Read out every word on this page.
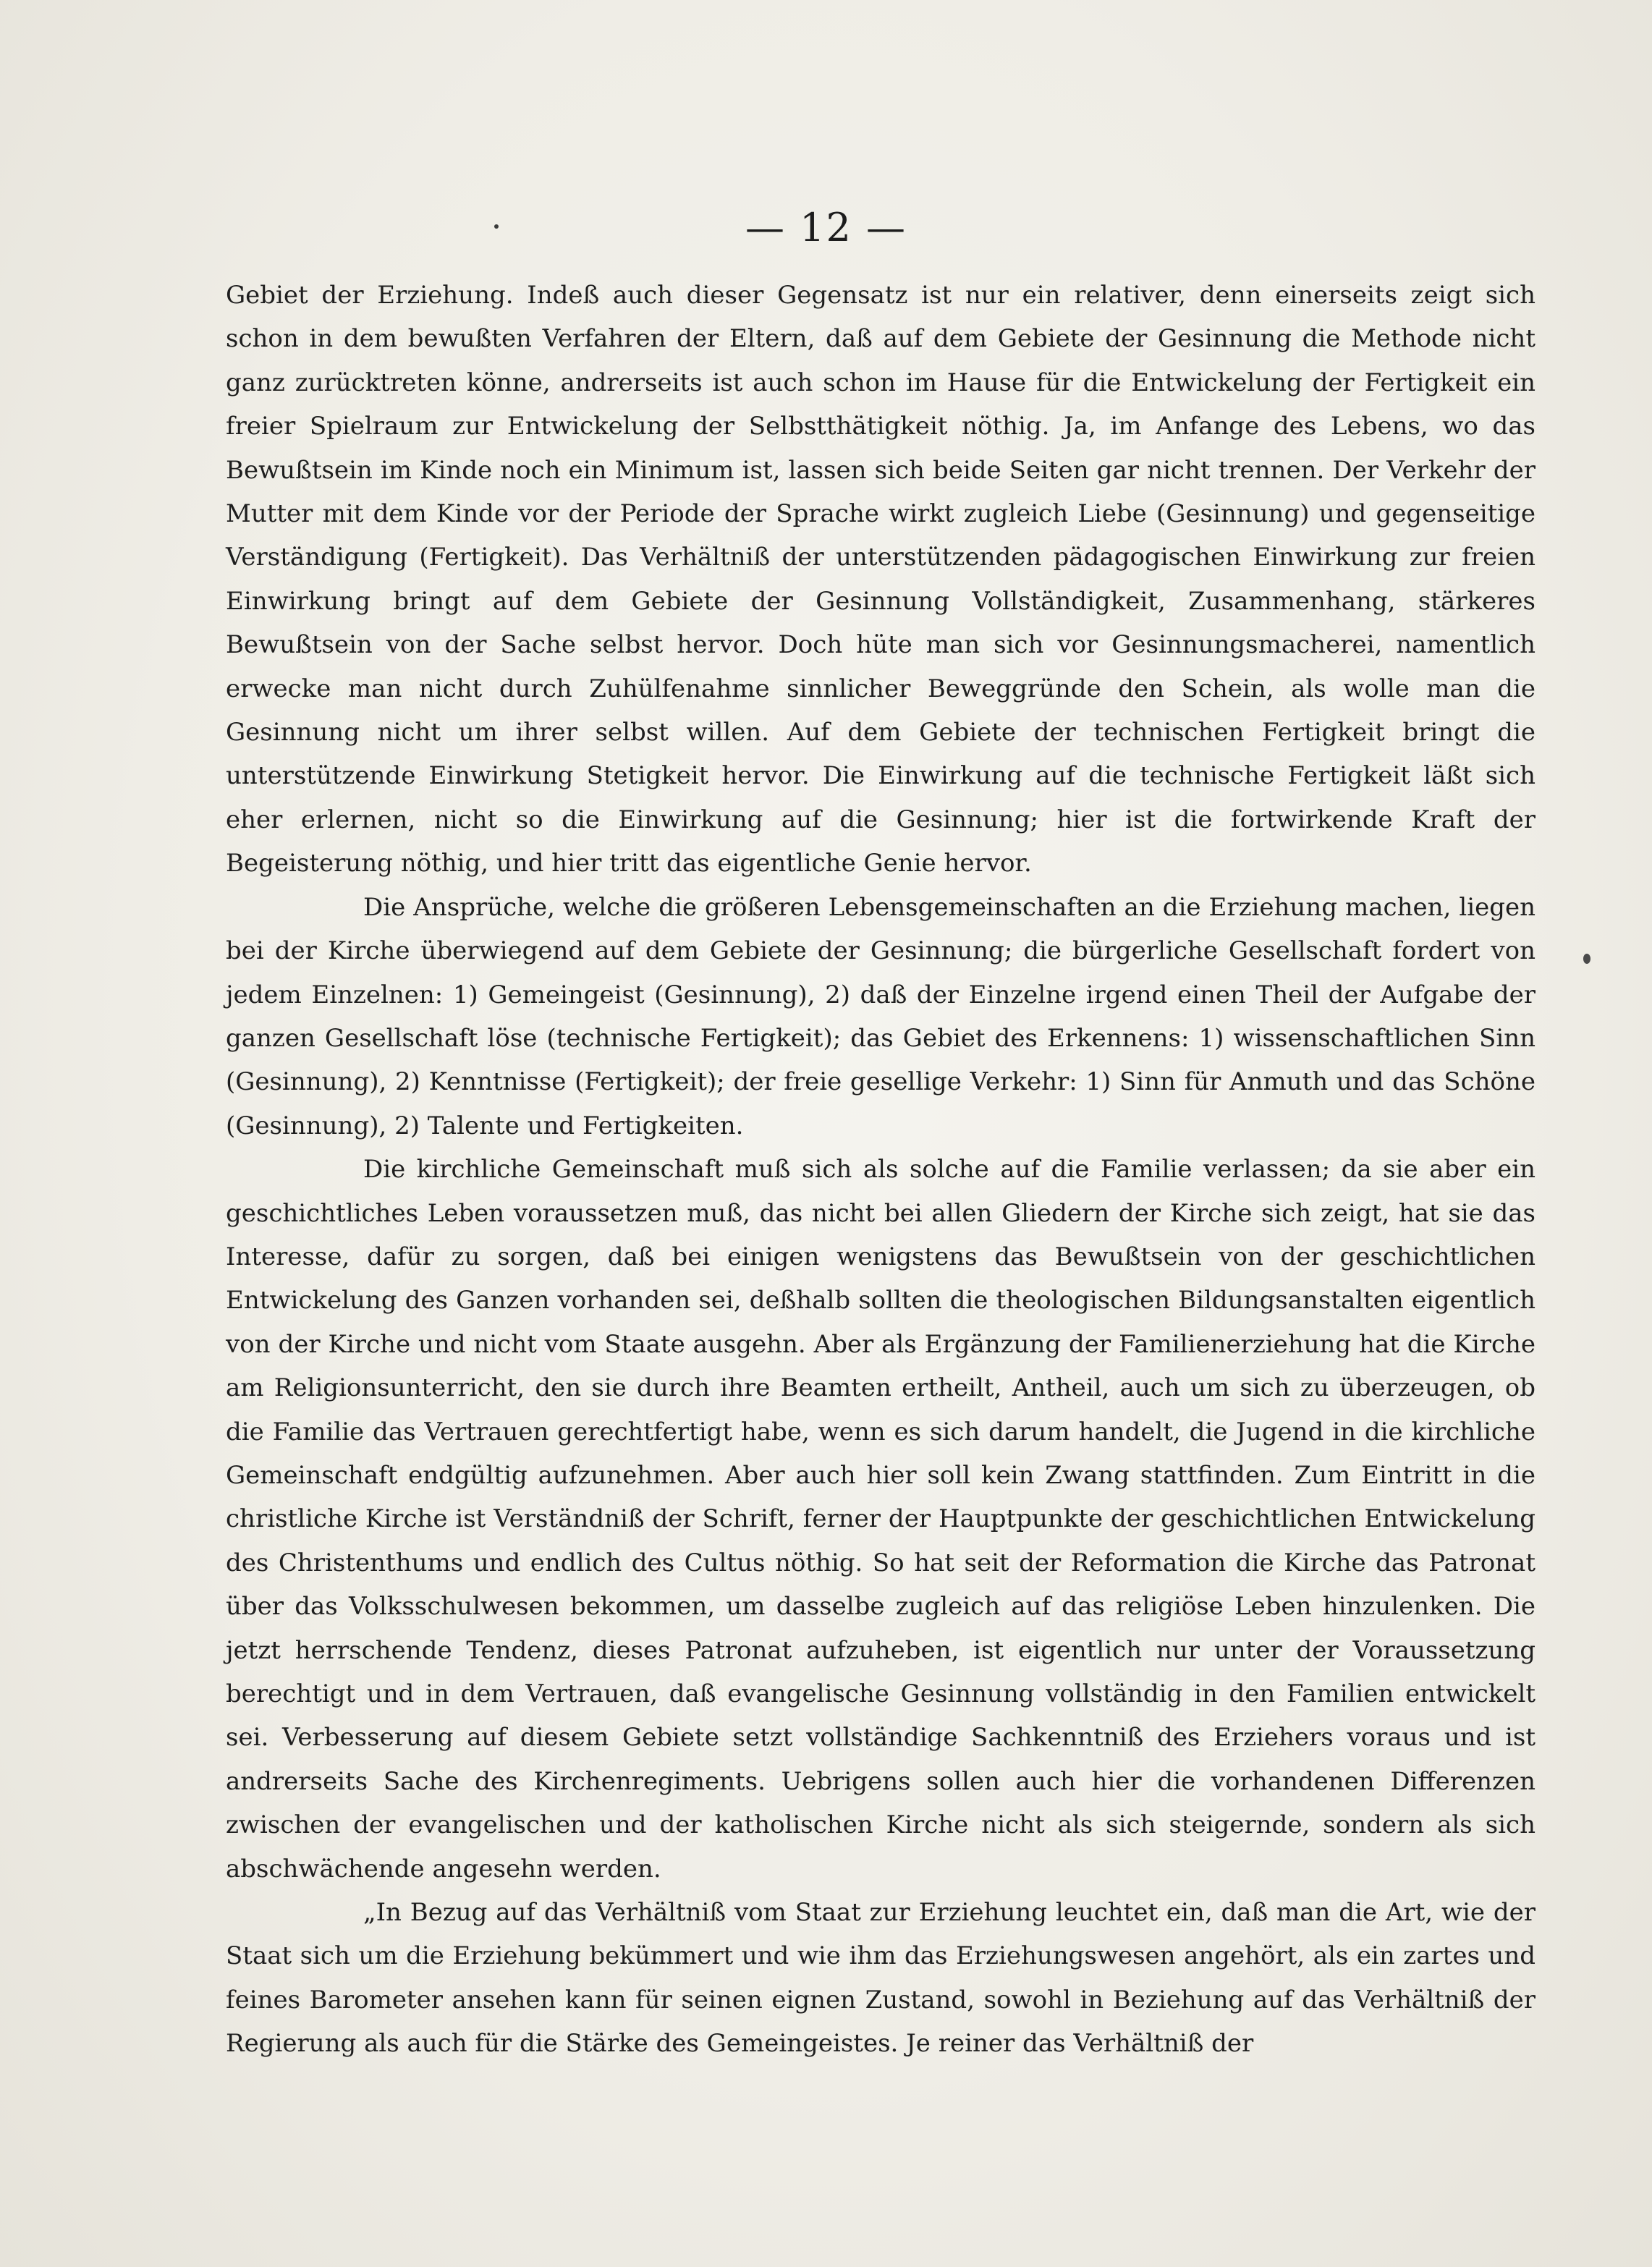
— 12 —

Gebiet der Erziehung. Indeß auch dieser Gegensatz ist nur ein relativer, denn einerseits zeigt sich schon in dem bewußten Verfahren der Eltern, daß auf dem Gebiete der Gesinnung die Methode nicht ganz zurücktreten könne, andrerseits ist auch schon im Hause für die Entwickelung der Fertigkeit ein freier Spielraum zur Entwickelung der Selbstthätigkeit nöthig. Ja, im Anfange des Lebens, wo das Bewußtsein im Kinde noch ein Minimum ist, lassen sich beide Seiten gar nicht trennen. Der Verkehr der Mutter mit dem Kinde vor der Periode der Sprache wirkt zugleich Liebe (Gesinnung) und gegenseitige Verständigung (Fertigkeit). Das Verhältniß der unterstützenden pädagogischen Einwirkung zur freien Einwirkung bringt auf dem Gebiete der Gesinnung Vollständigkeit, Zusammenhang, stärkeres Bewußtsein von der Sache selbst hervor. Doch hüte man sich vor Gesinnungsmacherei, namentlich erwecke man nicht durch Zuhülfenahme sinnlicher Beweggründe den Schein, als wolle man die Gesinnung nicht um ihrer selbst willen. Auf dem Gebiete der technischen Fertigkeit bringt die unterstützende Einwirkung Stetigkeit hervor. Die Einwirkung auf die technische Fertigkeit läßt sich eher erlernen, nicht so die Einwirkung auf die Gesinnung; hier ist die fortwirkende Kraft der Begeisterung nöthig, und hier tritt das eigentliche Genie hervor.

Die Ansprüche, welche die größeren Lebensgemeinschaften an die Erziehung machen, liegen bei der Kirche überwiegend auf dem Gebiete der Gesinnung; die bürgerliche Gesellschaft fordert von jedem Einzelnen: 1) Gemeingeist (Gesinnung), 2) daß der Einzelne irgend einen Theil der Aufgabe der ganzen Gesellschaft löse (technische Fertigkeit); das Gebiet des Erkennens: 1) wissenschaftlichen Sinn (Gesinnung), 2) Kenntnisse (Fertigkeit); der freie gesellige Verkehr: 1) Sinn für Anmuth und das Schöne (Gesinnung), 2) Talente und Fertigkeiten.

Die kirchliche Gemeinschaft muß sich als solche auf die Familie verlassen; da sie aber ein geschichtliches Leben voraussetzen muß, das nicht bei allen Gliedern der Kirche sich zeigt, hat sie das Interesse, dafür zu sorgen, daß bei einigen wenigstens das Bewußtsein von der geschichtlichen Entwickelung des Ganzen vorhanden sei, deßhalb sollten die theologischen Bildungsanstalten eigentlich von der Kirche und nicht vom Staate ausgehn. Aber als Ergänzung der Familienerziehung hat die Kirche am Religionsunterricht, den sie durch ihre Beamten ertheilt, Antheil, auch um sich zu überzeugen, ob die Familie das Vertrauen gerechtfertigt habe, wenn es sich darum handelt, die Jugend in die kirchliche Gemeinschaft endgültig aufzunehmen. Aber auch hier soll kein Zwang stattfinden. Zum Eintritt in die christliche Kirche ist Verständniß der Schrift, ferner der Hauptpunkte der geschichtlichen Entwickelung des Christenthums und endlich des Cultus nöthig. So hat seit der Reformation die Kirche das Patronat über das Volksschulwesen bekommen, um dasselbe zugleich auf das religiöse Leben hinzulenken. Die jetzt herrschende Tendenz, dieses Patronat aufzuheben, ist eigentlich nur unter der Voraussetzung berechtigt und in dem Vertrauen, daß evangelische Gesinnung vollständig in den Familien entwickelt sei. Verbesserung auf diesem Gebiete setzt vollständige Sachkenntniß des Erziehers voraus und ist andrerseits Sache des Kirchenregiments. Uebrigens sollen auch hier die vorhandenen Differenzen zwischen der evangelischen und der katholischen Kirche nicht als sich steigernde, sondern als sich abschwächende angesehn werden.

„In Bezug auf das Verhältniß vom Staat zur Erziehung leuchtet ein, daß man die Art, wie der Staat sich um die Erziehung bekümmert und wie ihm das Erziehungswesen angehört, als ein zartes und feines Barometer ansehen kann für seinen eignen Zustand, sowohl in Beziehung auf das Verhältniß der Regierung als auch für die Stärke des Gemeingeistes. Je reiner das Verhältniß der
